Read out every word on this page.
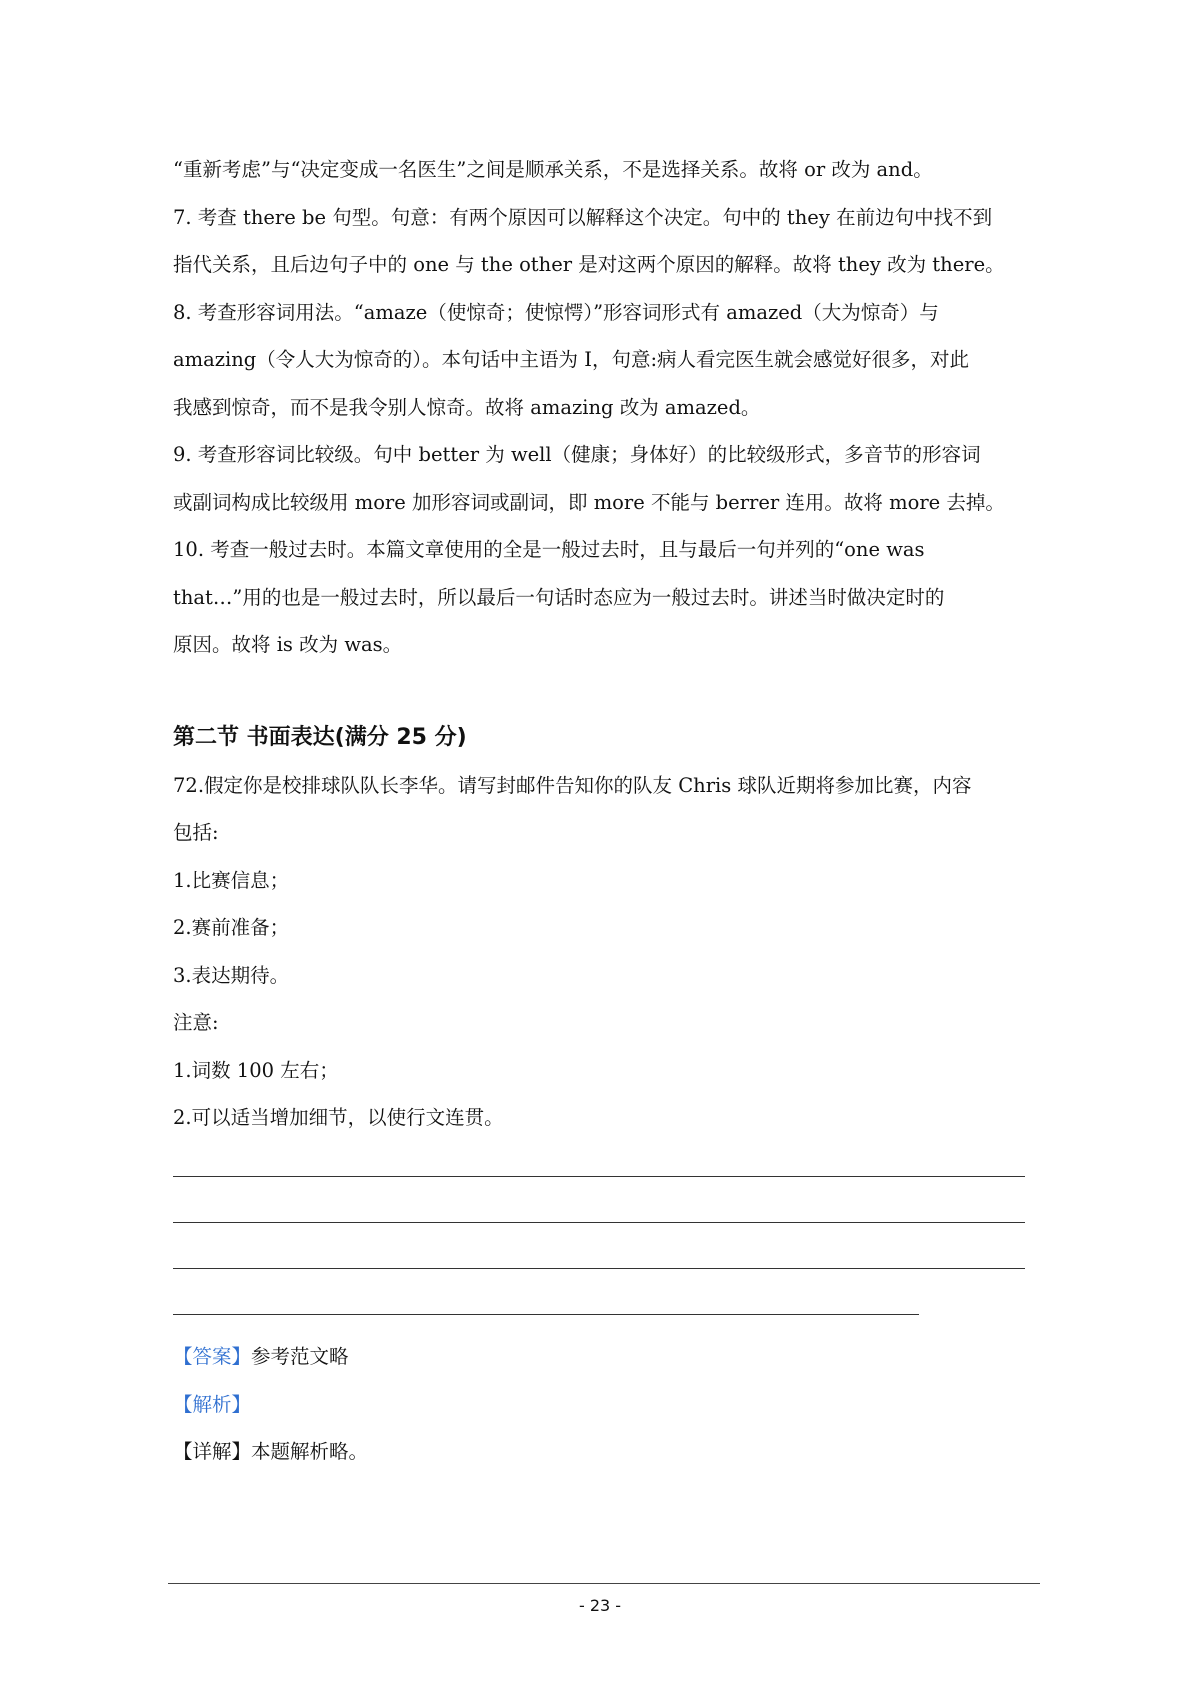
“重新考虑”与“决定变成一名医生”之间是顺承关系，不是选择关系。故将 or 改为 and。
7. 考查 there be 句型。句意：有两个原因可以解释这个决定。句中的 they 在前边句中找不到
指代关系，且后边句子中的 one 与 the other 是对这两个原因的解释。故将 they 改为 there。
8. 考查形容词用法。“amaze（使惊奇；使惊愕）”形容词形式有 amazed（大为惊奇）与
amazing（令人大为惊奇的）。本句话中主语为 I，句意:病人看完医生就会感觉好很多，对此
我感到惊奇，而不是我令别人惊奇。故将 amazing 改为 amazed。
9. 考查形容词比较级。句中 better 为 well（健康；身体好）的比较级形式，多音节的形容词
或副词构成比较级用 more 加形容词或副词，即 more 不能与 berrer 连用。故将 more 去掉。
10. 考查一般过去时。本篇文章使用的全是一般过去时，且与最后一句并列的“one was
that…”用的也是一般过去时，所以最后一句话时态应为一般过去时。讲述当时做决定时的
原因。故将 is 改为 was。
第二节 书面表达(满分 25 分)
72.假定你是校排球队队长李华。请写封邮件告知你的队友 Chris 球队近期将参加比赛，内容
包括:
1.比赛信息；
2.赛前准备；
3.表达期待。
注意:
1.词数 100 左右；
2.可以适当增加细节，以使行文连贯。
【答案】参考范文略
【解析】
【详解】本题解析略。
- 23 -
